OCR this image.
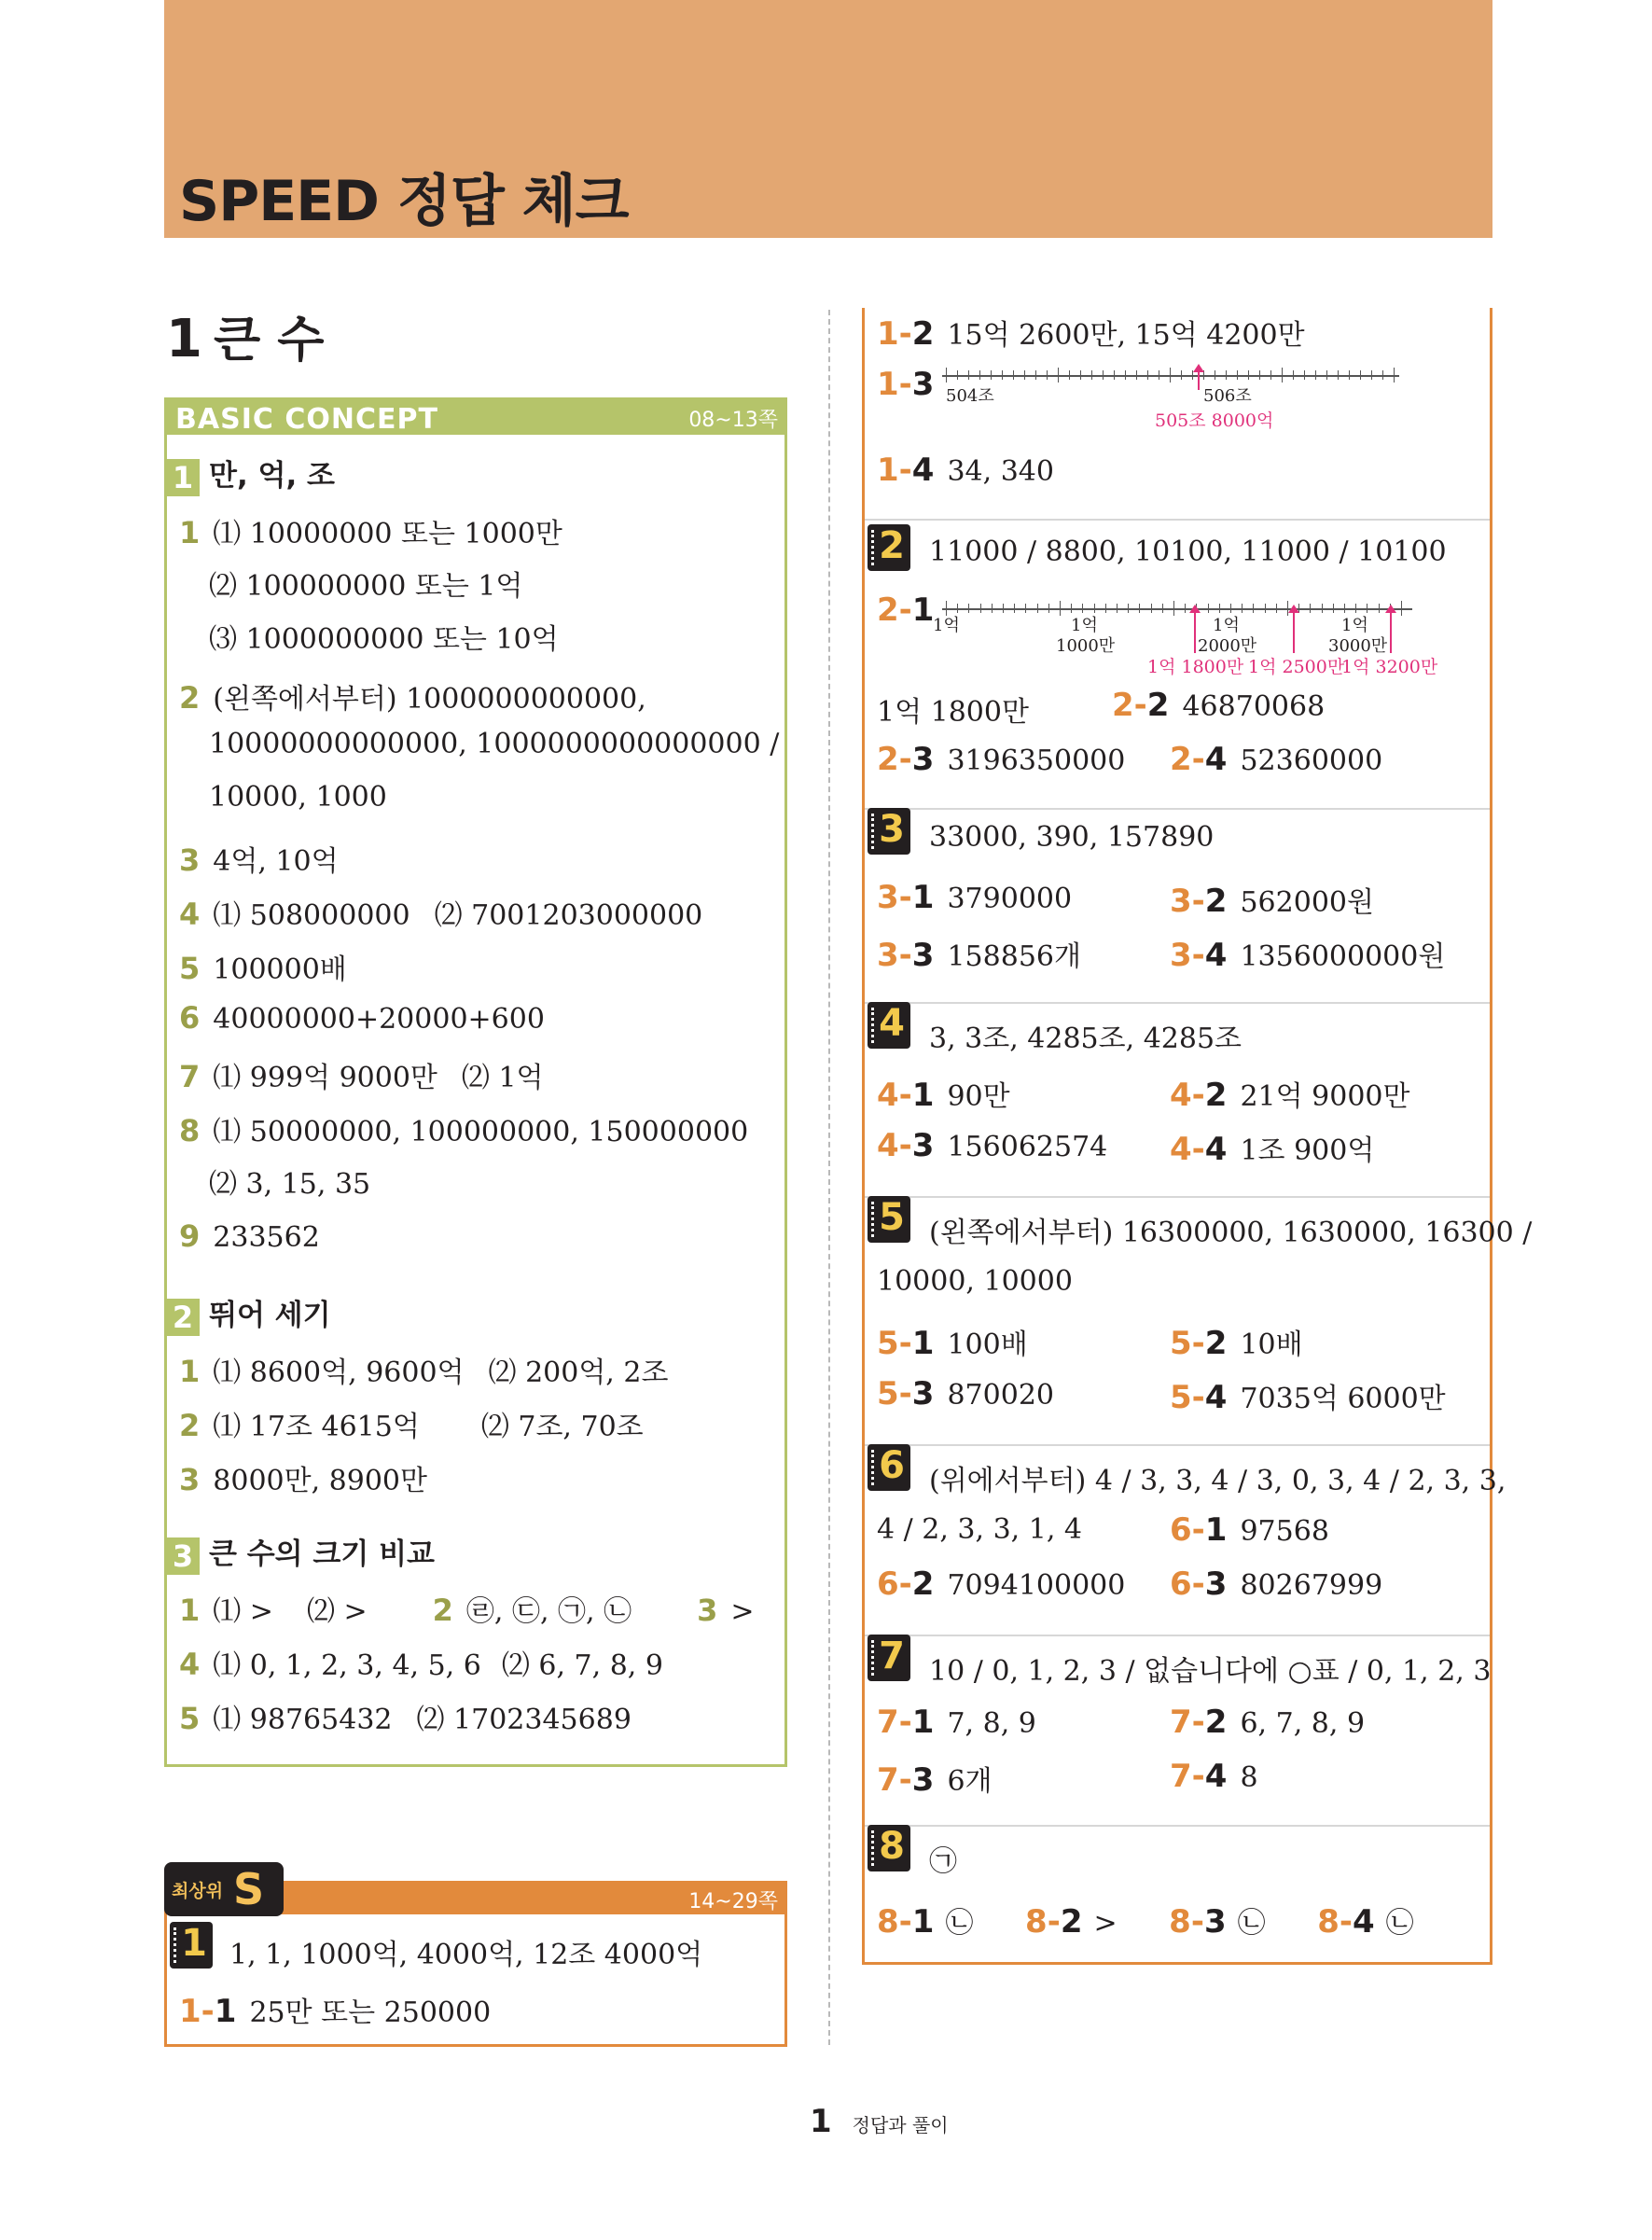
SPEED 정답 체크
1 큰 수
BASIC CONCEPT	08~13쪽
1 만, 억, 조
1 ⑴ 10000000 또는 1000만
⑵ 100000000 또는 1억
⑶ 1000000000 또는 10억
2 (왼쪽에서부터) 1000000000000,
10000000000000, 1000000000000000 /
10000, 1000
3 4억, 10억
4 ⑴ 508000000 ⑵ 7001203000000
5 100000배
6 40000000+20000+600
7 ⑴ 999억 9000만 ⑵ 1억
8 ⑴ 50000000, 100000000, 150000000
⑵ 3, 15, 35
9 233562
2 뛰어 세기
1 ⑴ 8600억, 9600억 ⑵ 200억, 2조
2 ⑴ 17조 4615억 ⑵ 7조, 70조
3 8000만, 8900만
3 큰 수의 크기 비교
1 ⑴ > ⑵ > 2 ㉣, ㉢, ㉠, ㉡ 3 >
4 ⑴ 0, 1, 2, 3, 4, 5, 6 ⑵ 6, 7, 8, 9
5 ⑴ 98765432 ⑵ 1702345689
14~29쪽
최상위 S
1 1, 1, 1000억, 4000억, 12조 4000억
1-1 25만 또는 250000
1-2 15억 2600만, 15억 4200만
1-3 504조	506조
505조 8000억
1-4 34, 340
2 11000 / 8800, 10100, 11000 / 10100
2-1
1억	1억
1000만
1억
2000만
1억
3000만
1억 1800만 1억 2500만
1억 3200만
1억 1800만	2-2 46870068
2-3 3196350000 2-4 52360000
3 33000, 390, 157890
3-1 3790000	3-2 562000원
3-3 158856개	3-4 1356000000원
4 3, 3조, 4285조, 4285조
4-1 90만	4-2 21억 9000만
4-3 156062574 4-4 1조 900억
5 (왼쪽에서부터) 16300000, 1630000, 16300 /
10000, 10000
5-1 100배	5-2 10배
5-3 870020	5-4 7035억 6000만
6 (위에서부터) 4 / 3, 3, 4 / 3, 0, 3, 4 / 2, 3, 3,
4 / 2, 3, 3, 1, 4	6-1 97568
6-2 7094100000 6-3 80267999
7 10 / 0, 1, 2, 3 / 없습니다에 ○표 / 0, 1, 2, 3
7-1 7, 8, 9	7-2 6, 7, 8, 9
7-3 6개	7-4 8
8 ㉠
8-1 ㉡ 8-2 > 8-3 ㉡ 8-4 ㉡
1 정답과 풀이
